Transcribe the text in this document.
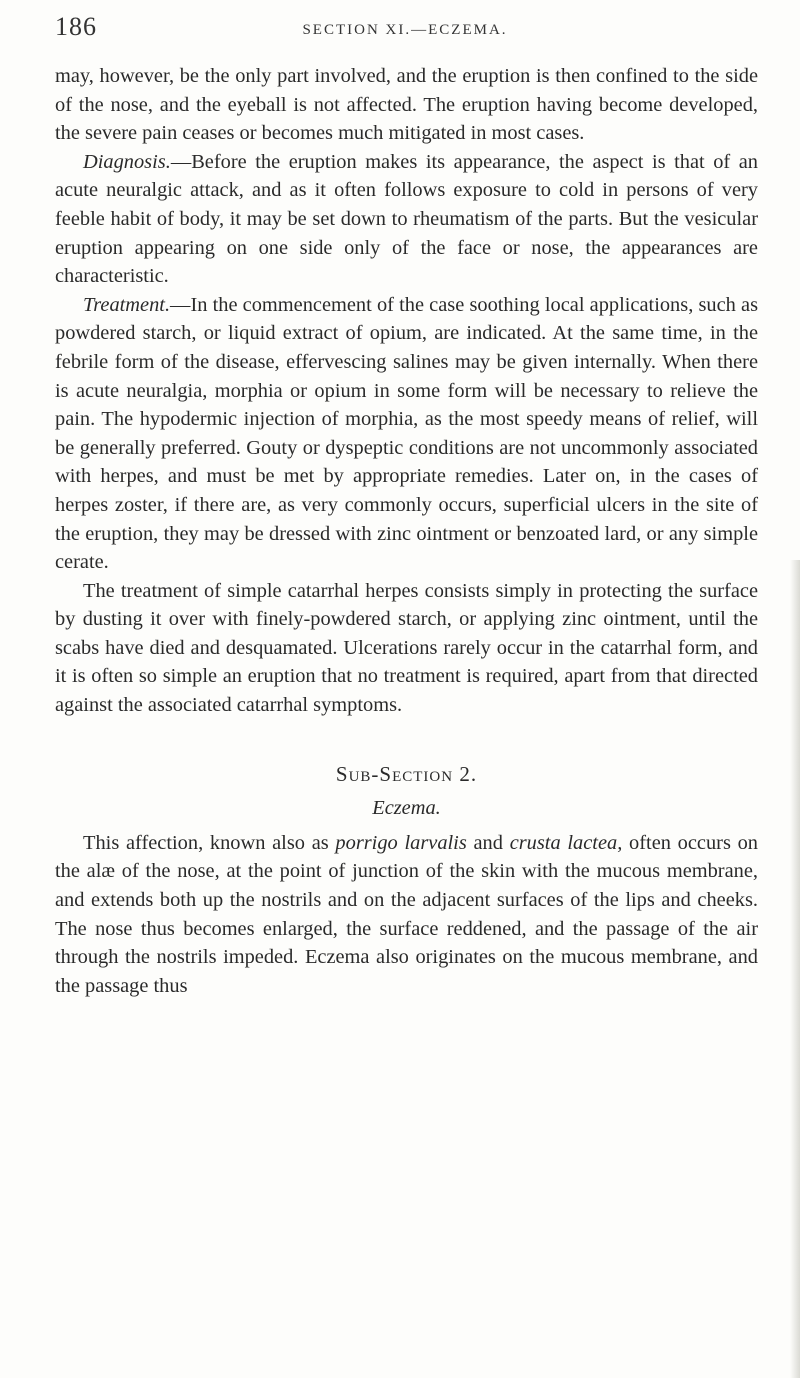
186	SECTION XI.—ECZEMA.

may, however, be the only part involved, and the eruption is then confined to the side of the nose, and the eyeball is not affected. The eruption having become developed, the severe pain ceases or becomes much mitigated in most cases.

Diagnosis.—Before the eruption makes its appearance, the aspect is that of an acute neuralgic attack, and as it often follows exposure to cold in persons of very feeble habit of body, it may be set down to rheumatism of the parts. But the vesicular eruption appearing on one side only of the face or nose, the appearances are characteristic.

Treatment.—In the commencement of the case soothing local applications, such as powdered starch, or liquid extract of opium, are indicated. At the same time, in the febrile form of the disease, effervescing salines may be given internally. When there is acute neuralgia, morphia or opium in some form will be necessary to relieve the pain. The hypodermic injection of morphia, as the most speedy means of relief, will be generally preferred. Gouty or dyspeptic conditions are not uncommonly associated with herpes, and must be met by appropriate remedies. Later on, in the cases of herpes zoster, if there are, as very commonly occurs, superficial ulcers in the site of the eruption, they may be dressed with zinc ointment or benzoated lard, or any simple cerate.

The treatment of simple catarrhal herpes consists simply in protecting the surface by dusting it over with finely-powdered starch, or applying zinc ointment, until the scabs have died and desquamated. Ulcerations rarely occur in the catarrhal form, and it is often so simple an eruption that no treatment is required, apart from that directed against the associated catarrhal symptoms.

Sub-Section 2.

Eczema.

This affection, known also as porrigo larvalis and crusta lactea, often occurs on the alæ of the nose, at the point of junction of the skin with the mucous membrane, and extends both up the nostrils and on the adjacent surfaces of the lips and cheeks. The nose thus becomes enlarged, the surface reddened, and the passage of the air through the nostrils impeded. Eczema also originates on the mucous membrane, and the passage thus
